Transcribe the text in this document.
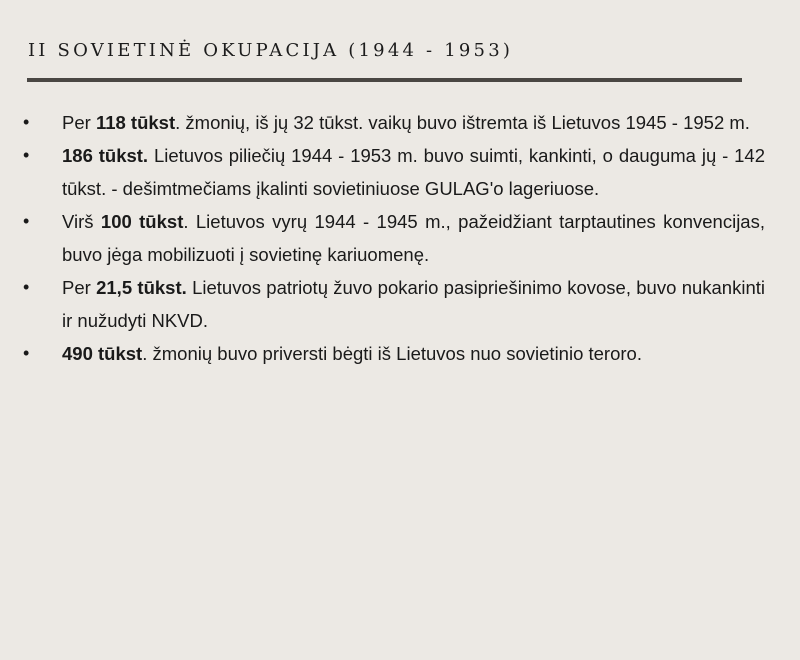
II SOVIETINĖ OKUPACIJA (1944 - 1953)
•	Per 118 tūkst. žmonių, iš jų 32 tūkst. vaikų buvo ištremta iš Lietuvos 1945 - 1952 m.
•	186 tūkst. Lietuvos piliečių 1944 - 1953 m. buvo suimti, kankinti, o dauguma jų - 142 tūkst. - dešimtmečiams įkalinti sovietiniuose GULAG'o lageriuose.
•	Virš 100 tūkst. Lietuvos vyrų 1944 - 1945 m., pažeidžiant tarptautines konvencijas, buvo jėga mobilizuoti į sovietinę kariuomenę.
•	Per 21,5 tūkst. Lietuvos patriotų žuvo pokario pasipriešinimo kovose, buvo nukankinti ir nužudyti NKVD.
•	490 tūkst. žmonių buvo priversti bėgti iš Lietuvos nuo sovietinio teroro.
